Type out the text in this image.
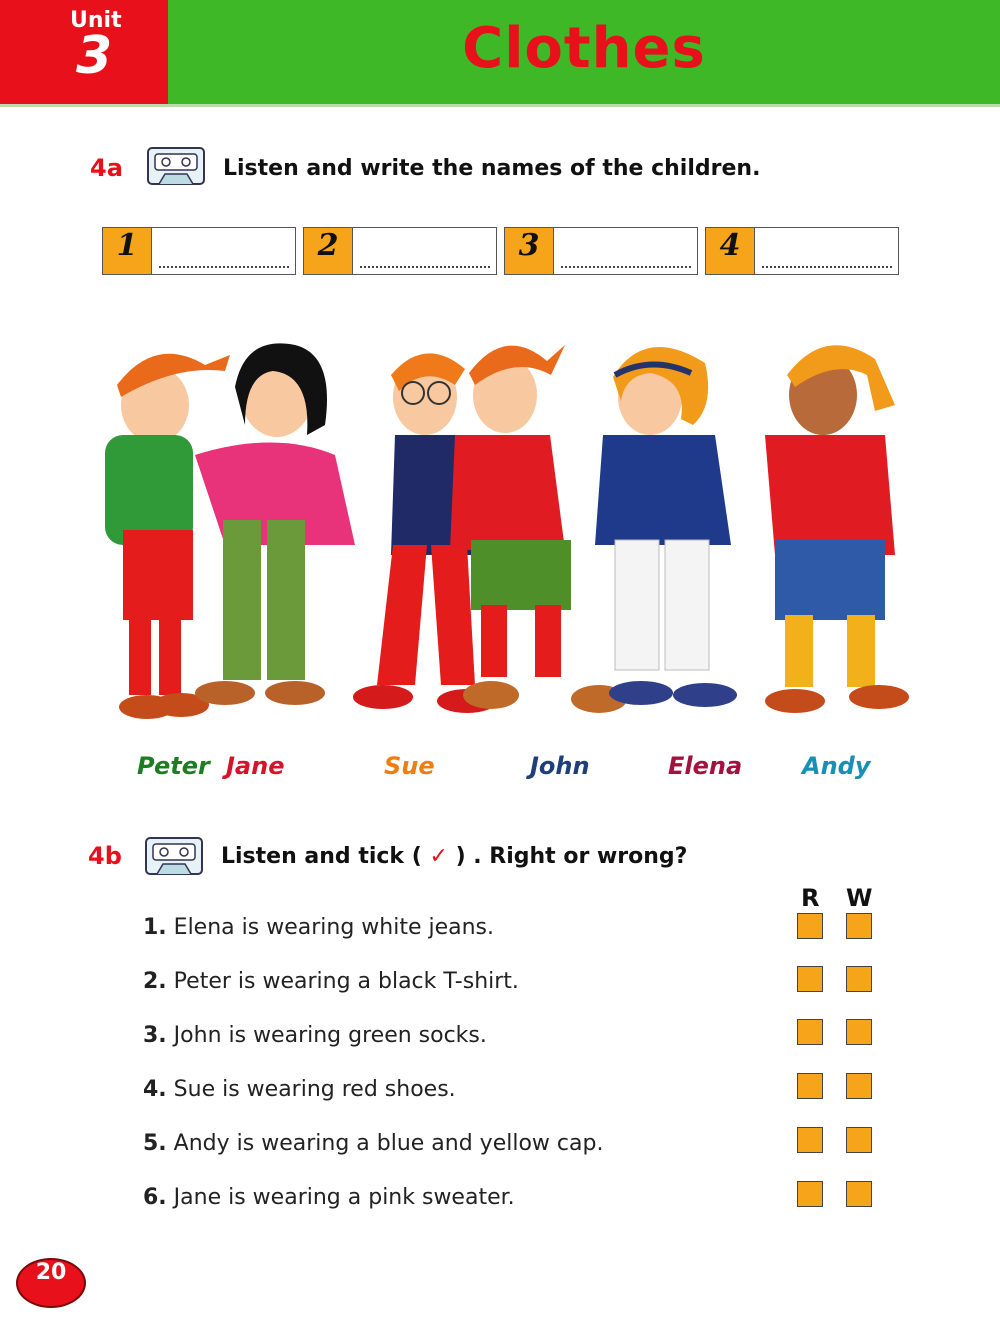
Unit
3	Clothes
4a	Listen and write the names of the children.
1	2	3	4
Peter Jane	Sue	John	Elena Andy
4b	Listen and tick ( ✓ ) . Right or wrong?
R W
1. Elena is wearing white jeans.
2. Peter is wearing a black T-shirt.
3. John is wearing green socks.
4. Sue is wearing red shoes.
5. Andy is wearing a blue and yellow cap.
6. Jane is wearing a pink sweater.
20
